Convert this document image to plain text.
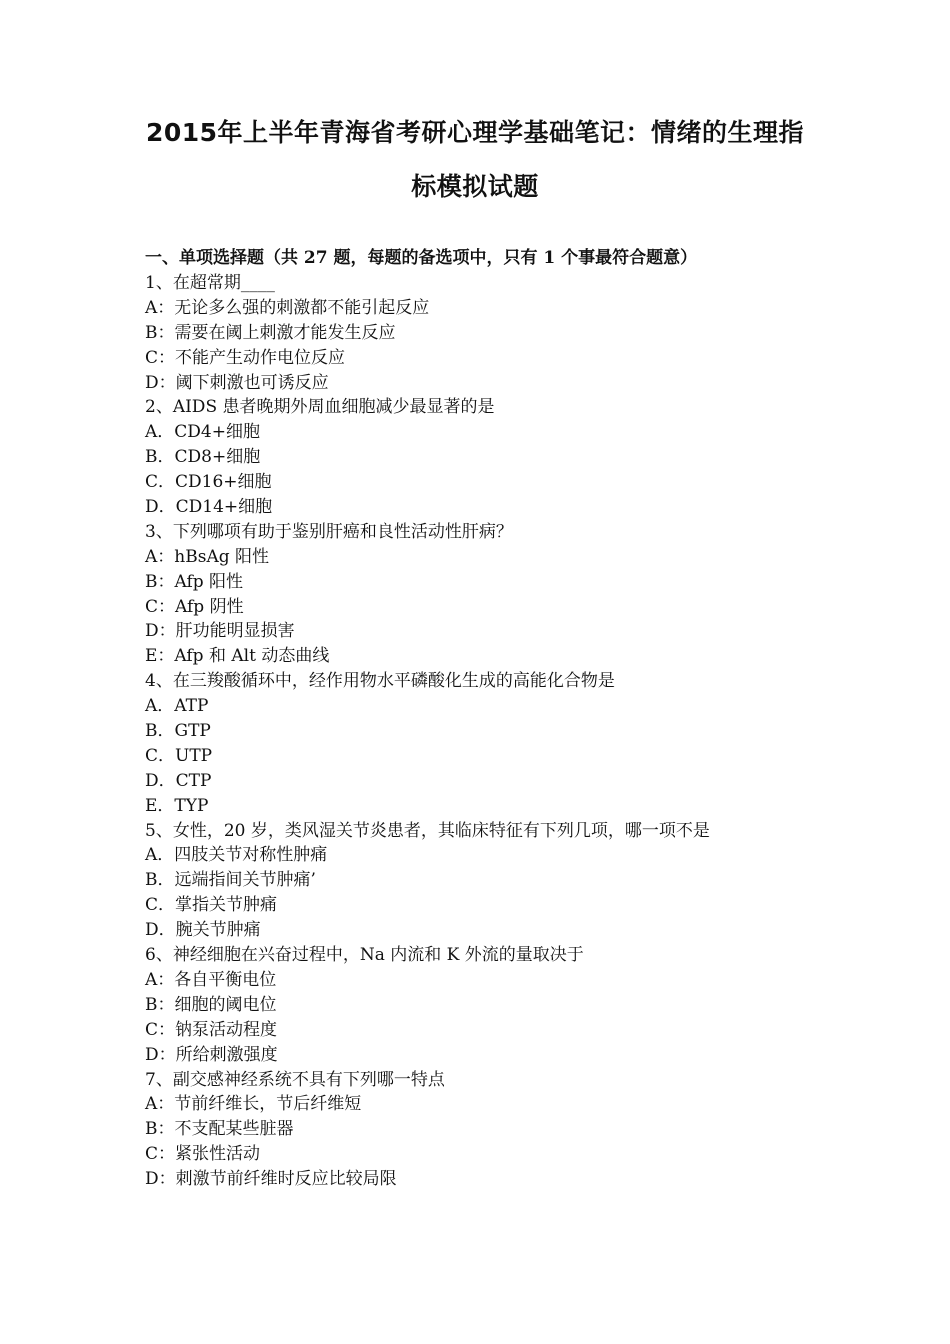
2015年上半年青海省考研心理学基础笔记：情绪的生理指
标模拟试题
一、单项选择题（共 27 题，每题的备选项中，只有 1 个事最符合题意）
1、在超常期____
A：无论多么强的刺激都不能引起反应
B：需要在阈上刺激才能发生反应
C：不能产生动作电位反应
D：阈下刺激也可诱反应
2、AIDS 患者晚期外周血细胞减少最显著的是
A．CD4+细胞
B．CD8+细胞
C．CD16+细胞
D．CD14+细胞
3、下列哪项有助于鉴别肝癌和良性活动性肝病？
A：hBsAg 阳性
B：Afp 阳性
C：Afp 阴性
D：肝功能明显损害
E：Afp 和 Alt 动态曲线
4、在三羧酸循环中，经作用物水平磷酸化生成的高能化合物是
A．ATP
B．GTP
C．UTP
D．CTP
E．TYP
5、女性，20 岁，类风湿关节炎患者，其临床特征有下列几项，哪一项不是
A．四肢关节对称性肿痛
B．远端指间关节肿痛’
C．掌指关节肿痛
D．腕关节肿痛
6、神经细胞在兴奋过程中，Na 内流和 K 外流的量取决于
A：各自平衡电位
B：细胞的阈电位
C：钠泵活动程度
D：所给刺激强度
7、副交感神经系统不具有下列哪一特点
A：节前纤维长，节后纤维短
B：不支配某些脏器
C：紧张性活动
D：刺激节前纤维时反应比较局限
